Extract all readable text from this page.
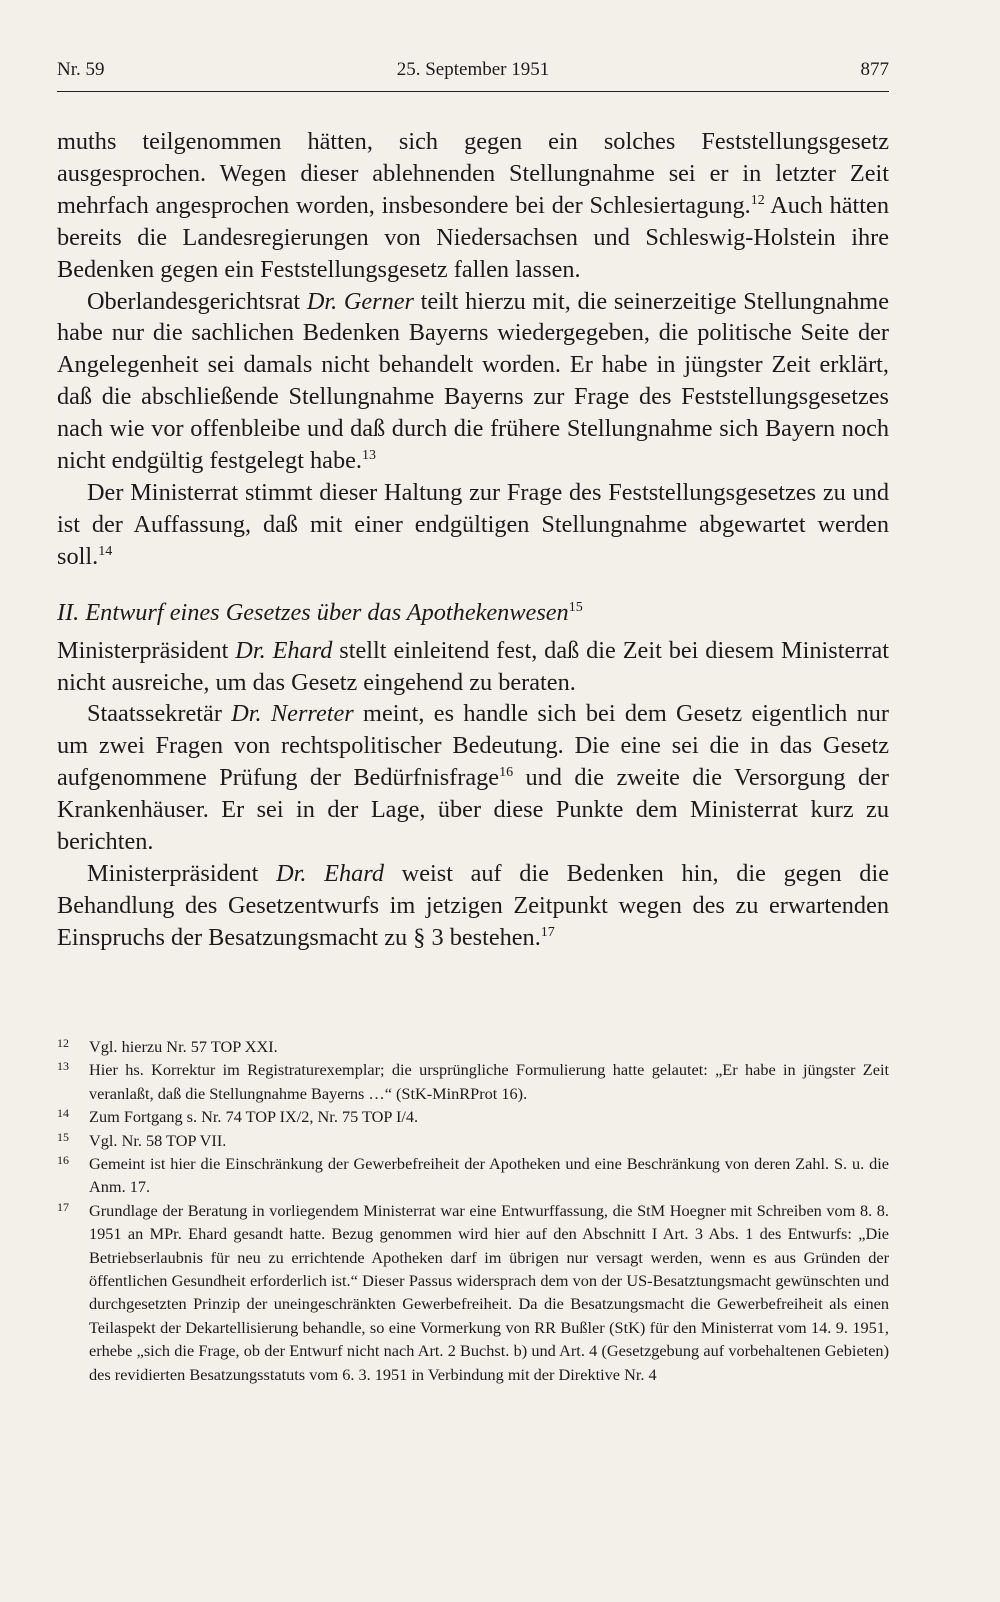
Nr. 59	25. September 1951	877

muths teilgenommen hätten, sich gegen ein solches Feststellungsgesetz ausgesprochen. Wegen dieser ablehnenden Stellungnahme sei er in letzter Zeit mehrfach angesprochen worden, insbesondere bei der Schlesiertagung.$^{12}$ Auch hätten bereits die Landesregierungen von Niedersachsen und Schleswig-Holstein ihre Bedenken gegen ein Feststellungsgesetz fallen lassen.

Oberlandesgerichtsrat Dr. Gerner teilt hierzu mit, die seinerzeitige Stellungnahme habe nur die sachlichen Bedenken Bayerns wiedergegeben, die politische Seite der Angelegenheit sei damals nicht behandelt worden. Er habe in jüngster Zeit erklärt, daß die abschließende Stellungnahme Bayerns zur Frage des Feststellungsgesetzes nach wie vor offenbleibe und daß durch die frühere Stellungnahme sich Bayern noch nicht endgültig festgelegt habe.$^{13}$

Der Ministerrat stimmt dieser Haltung zur Frage des Feststellungsgesetzes zu und ist der Auffassung, daß mit einer endgültigen Stellungnahme abgewartet werden soll.$^{14}$

II. Entwurf eines Gesetzes über das Apothekenwesen$^{15}$

Ministerpräsident Dr. Ehard stellt einleitend fest, daß die Zeit bei diesem Ministerrat nicht ausreiche, um das Gesetz eingehend zu beraten.

Staatssekretär Dr. Nerreter meint, es handle sich bei dem Gesetz eigentlich nur um zwei Fragen von rechtspolitischer Bedeutung. Die eine sei die in das Gesetz aufgenommene Prüfung der Bedürfnisfrage$^{16}$ und die zweite die Versorgung der Krankenhäuser. Er sei in der Lage, über diese Punkte dem Ministerrat kurz zu berichten.

Ministerpräsident Dr. Ehard weist auf die Bedenken hin, die gegen die Behandlung des Gesetzentwurfs im jetzigen Zeitpunkt wegen des zu erwartenden Einspruchs der Besatzungsmacht zu § 3 bestehen.$^{17}$

12 Vgl. hierzu Nr. 57 TOP XXI.
13 Hier hs. Korrektur im Registraturexemplar; die ursprüngliche Formulierung hatte gelautet: „Er habe in jüngster Zeit veranlaßt, daß die Stellungnahme Bayerns …“ (StK-MinRProt 16).
14 Zum Fortgang s. Nr. 74 TOP IX/2, Nr. 75 TOP I/4.
15 Vgl. Nr. 58 TOP VII.
16 Gemeint ist hier die Einschränkung der Gewerbefreiheit der Apotheken und eine Beschränkung von deren Zahl. S. u. die Anm. 17.
17 Grundlage der Beratung in vorliegendem Ministerrat war eine Entwurffassung, die StM Hoegner mit Schreiben vom 8. 8. 1951 an MPr. Ehard gesandt hatte. Bezug genommen wird hier auf den Abschnitt I Art. 3 Abs. 1 des Entwurfs: „Die Betriebserlaubnis für neu zu errichtende Apotheken darf im übrigen nur versagt werden, wenn es aus Gründen der öffentlichen Gesundheit erforderlich ist.“ Dieser Passus widersprach dem von der US-Besatztungsmacht gewünschten und durchgesetzten Prinzip der uneingeschränkten Gewerbefreiheit. Da die Besatzungsmacht die Gewerbefreiheit als einen Teilaspekt der Dekartellisierung behandle, so eine Vormerkung von RR Bußler (StK) für den Ministerrat vom 14. 9. 1951, erhebe „sich die Frage, ob der Entwurf nicht nach Art. 2 Buchst. b) und Art. 4 (Gesetzgebung auf vorbehaltenen Gebieten) des revidierten Besatzungsstatuts vom 6. 3. 1951 in Verbindung mit der Direktive Nr. 4
